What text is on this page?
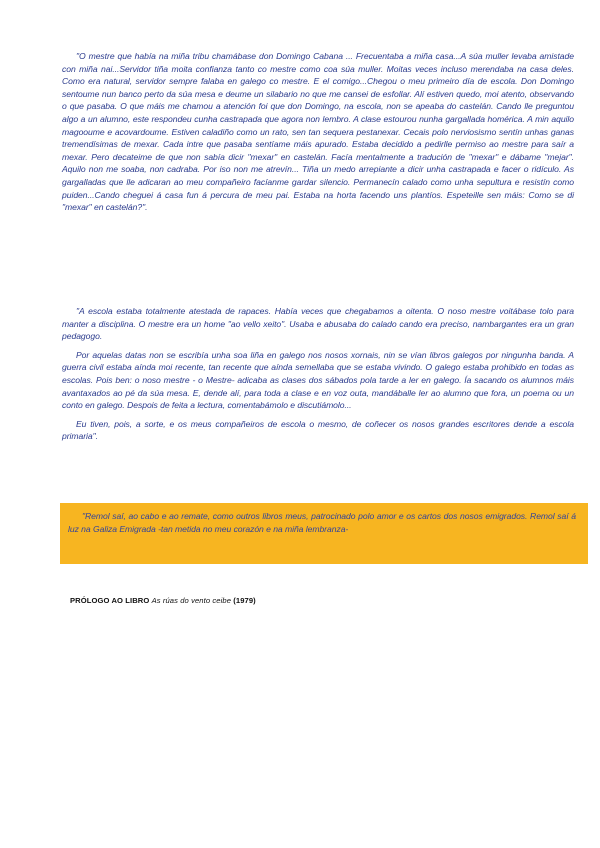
"O mestre que había na miña tribu chamábase don Domingo Cabana ... Frecuentaba a miña casa...A súa muller levaba amistade con miña nai...Servidor tiña moita confianza tanto co mestre como coa súa muller. Moitas veces incluso merendaba na casa deles. Como era natural, servidor sempre falaba en galego co mestre. E el comigo...Chegou o meu primeiro día de escola. Don Domingo sentoume nun banco perto da súa mesa e deume un silabario no que me cansei de esfollar. Alí estiven quedo, moi atento, observando o que pasaba. O que máis me chamou a atención foi que don Domingo, na escola, non se apeaba do castelán. Cando lle preguntou algo a un alumno, este respondeu cunha castrapada que agora non lembro. A clase estourou nunha gargallada homérica. A min aquilo magooume e acovardoume. Estiven caladiño como un rato, sen tan sequera pestanexar. Cecais polo nerviosismo sentín unhas ganas tremendísimas de mexar. Cada intre que pasaba sentíame máis apurado. Estaba decidido a pedirlle permiso ao mestre para saír a mexar. Pero decateime de que non sabía dicir "mexar" en castelán. Facía mentalmente a tradución de "mexar" e dábame "mejar". Aquilo non me soaba, non cadraba. Por iso non me atrevín... Tiña un medo arrepiante a dicir unha castrapada e facer o ridículo. As gargalladas que lle adicaran ao meu compañeiro facíanme gardar silencio. Permanecín calado como unha sepultura e resistín como puiden...Cando cheguei á casa fun á percura de meu pai. Estaba na horta facendo uns plantíos. Espeteille sen máis: Como se di "mexar" en castelán?".

"A escola estaba totalmente atestada de rapaces. Había veces que chegabamos a oitenta. O noso mestre voitábase tolo para manter a disciplina. O mestre era un home "ao vello xeito". Usaba e abusaba do calado cando era preciso, nambargantes era un gran pedagogo.

Por aquelas datas non se escribía unha soa liña en galego nos nosos xornais, nin se vían libros galegos por ningunha banda. A guerra civil estaba aínda moi recente, tan recente que aínda semellaba que se estaba vivindo. O galego estaba prohibido en todas as escolas. Pois ben: o noso mestre - o Mestre- adicaba as clases dos sábados pola tarde a ler en galego. Ía sacando os alumnos máis avantaxados ao pé da súa mesa. E, dende alí, para toda a clase e en voz outa, mandáballe ler ao alumno que fora, un poema ou un conto en galego. Despois de feita a lectura, comentabámolo e discutiámolo...

Eu tiven, pois, a sorte, e os meus compañeiros de escola o mesmo, de coñecer os nosos grandes escritores dende a escola primaria".

"Remol saí, ao cabo e ao remate, como outros libros meus, patrocinado polo amor e os cartos dos nosos emigrados. Remol saí á luz na Galiza Emigrada -tan metida no meu corazón e na miña lembranza-

PRÓLOGO AO LIBRO As rúas do vento ceibe (1979)
